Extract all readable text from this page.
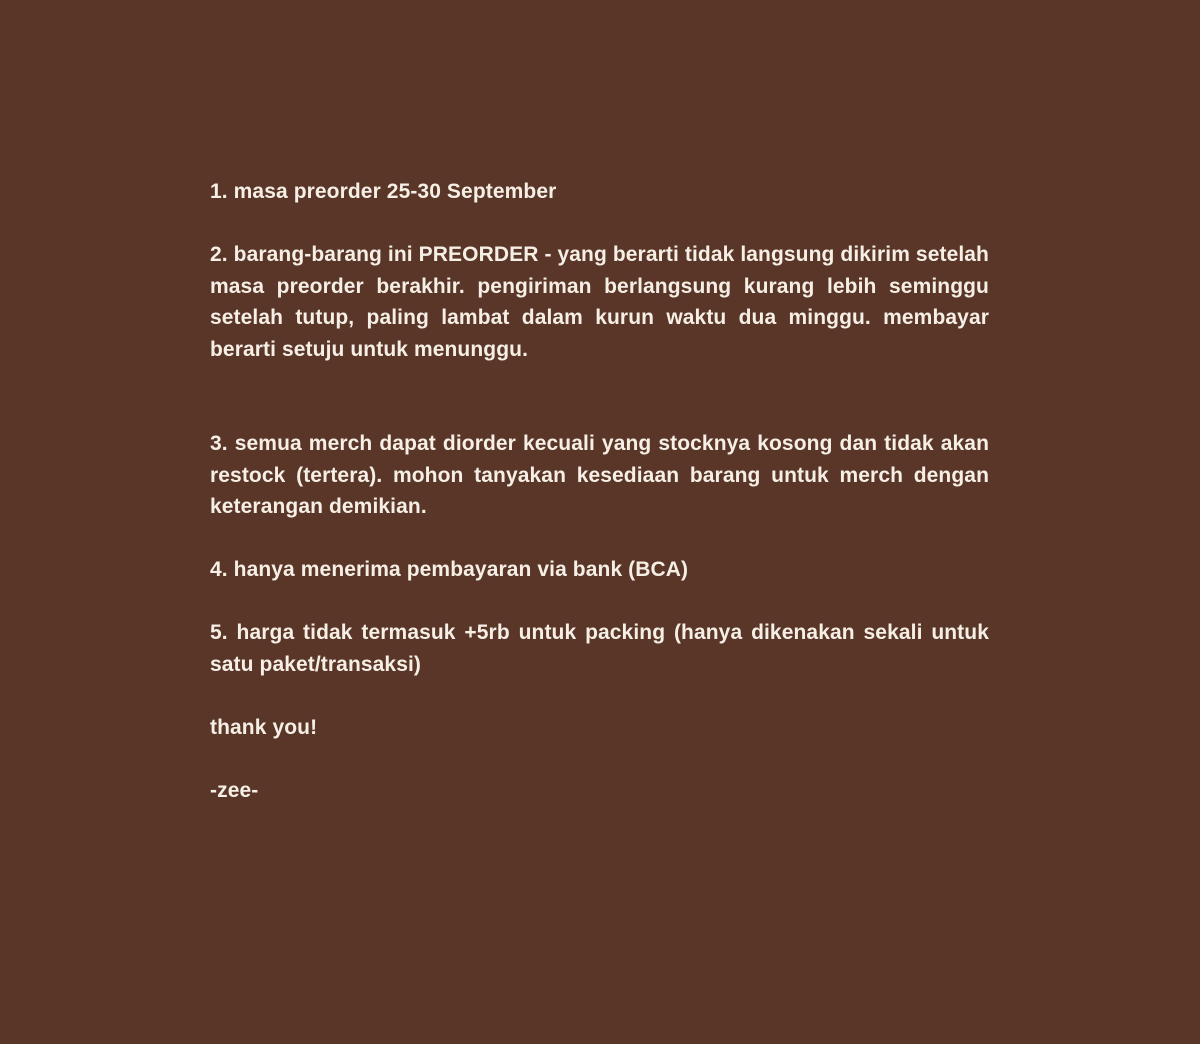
1. masa preorder 25-30 September

2. barang-barang ini PREORDER - yang berarti tidak langsung dikirim setelah masa preorder berakhir. pengiriman berlangsung kurang lebih seminggu setelah tutup, paling lambat dalam kurun waktu dua minggu. membayar berarti setuju untuk menunggu.

3. semua merch dapat diorder kecuali yang stocknya kosong dan tidak akan restock (tertera). mohon tanyakan kesediaan barang untuk merch dengan keterangan demikian.

4. hanya menerima pembayaran via bank (BCA)

5. harga tidak termasuk +5rb untuk packing (hanya dikenakan sekali untuk satu paket/transaksi)

thank you!

-zee-
